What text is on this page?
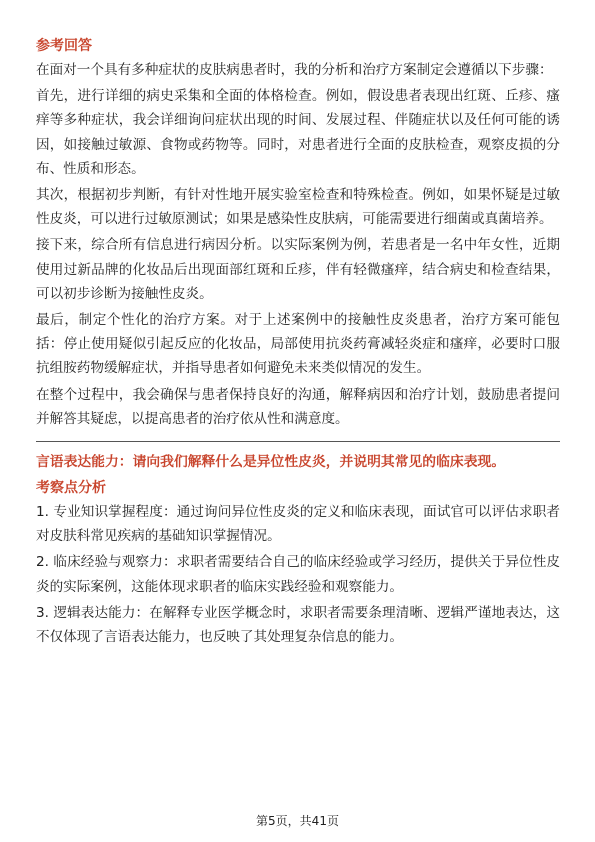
参考回答

在面对一个具有多种症状的皮肤病患者时，我的分析和治疗方案制定会遵循以下步骤：

首先，进行详细的病史采集和全面的体格检查。例如，假设患者表现出红斑、丘疹、瘙痒等多种症状，我会详细询问症状出现的时间、发展过程、伴随症状以及任何可能的诱因，如接触过敏源、食物或药物等。同时，对患者进行全面的皮肤检查，观察皮损的分布、性质和形态。

其次，根据初步判断，有针对性地开展实验室检查和特殊检查。例如，如果怀疑是过敏性皮炎，可以进行过敏原测试；如果是感染性皮肤病，可能需要进行细菌或真菌培养。

接下来，综合所有信息进行病因分析。以实际案例为例，若患者是一名中年女性，近期使用过新品牌的化妆品后出现面部红斑和丘疹，伴有轻微瘙痒，结合病史和检查结果，可以初步诊断为接触性皮炎。

最后，制定个性化的治疗方案。对于上述案例中的接触性皮炎患者，治疗方案可能包括：停止使用疑似引起反应的化妆品，局部使用抗炎药膏减轻炎症和瘙痒，必要时口服抗组胺药物缓解症状，并指导患者如何避免未来类似情况的发生。

在整个过程中，我会确保与患者保持良好的沟通，解释病因和治疗计划，鼓励患者提问并解答其疑虑，以提高患者的治疗依从性和满意度。

言语表达能力：请向我们解释什么是异位性皮炎，并说明其常见的临床表现。

考察点分析

1. 专业知识掌握程度：通过询问异位性皮炎的定义和临床表现，面试官可以评估求职者对皮肤科常见疾病的基础知识掌握情况。

2. 临床经验与观察力：求职者需要结合自己的临床经验或学习经历，提供关于异位性皮炎的实际案例，这能体现求职者的临床实践经验和观察能力。

3. 逻辑表达能力：在解释专业医学概念时，求职者需要条理清晰、逻辑严谨地表达，这不仅体现了言语表达能力，也反映了其处理复杂信息的能力。

第5页，共41页
